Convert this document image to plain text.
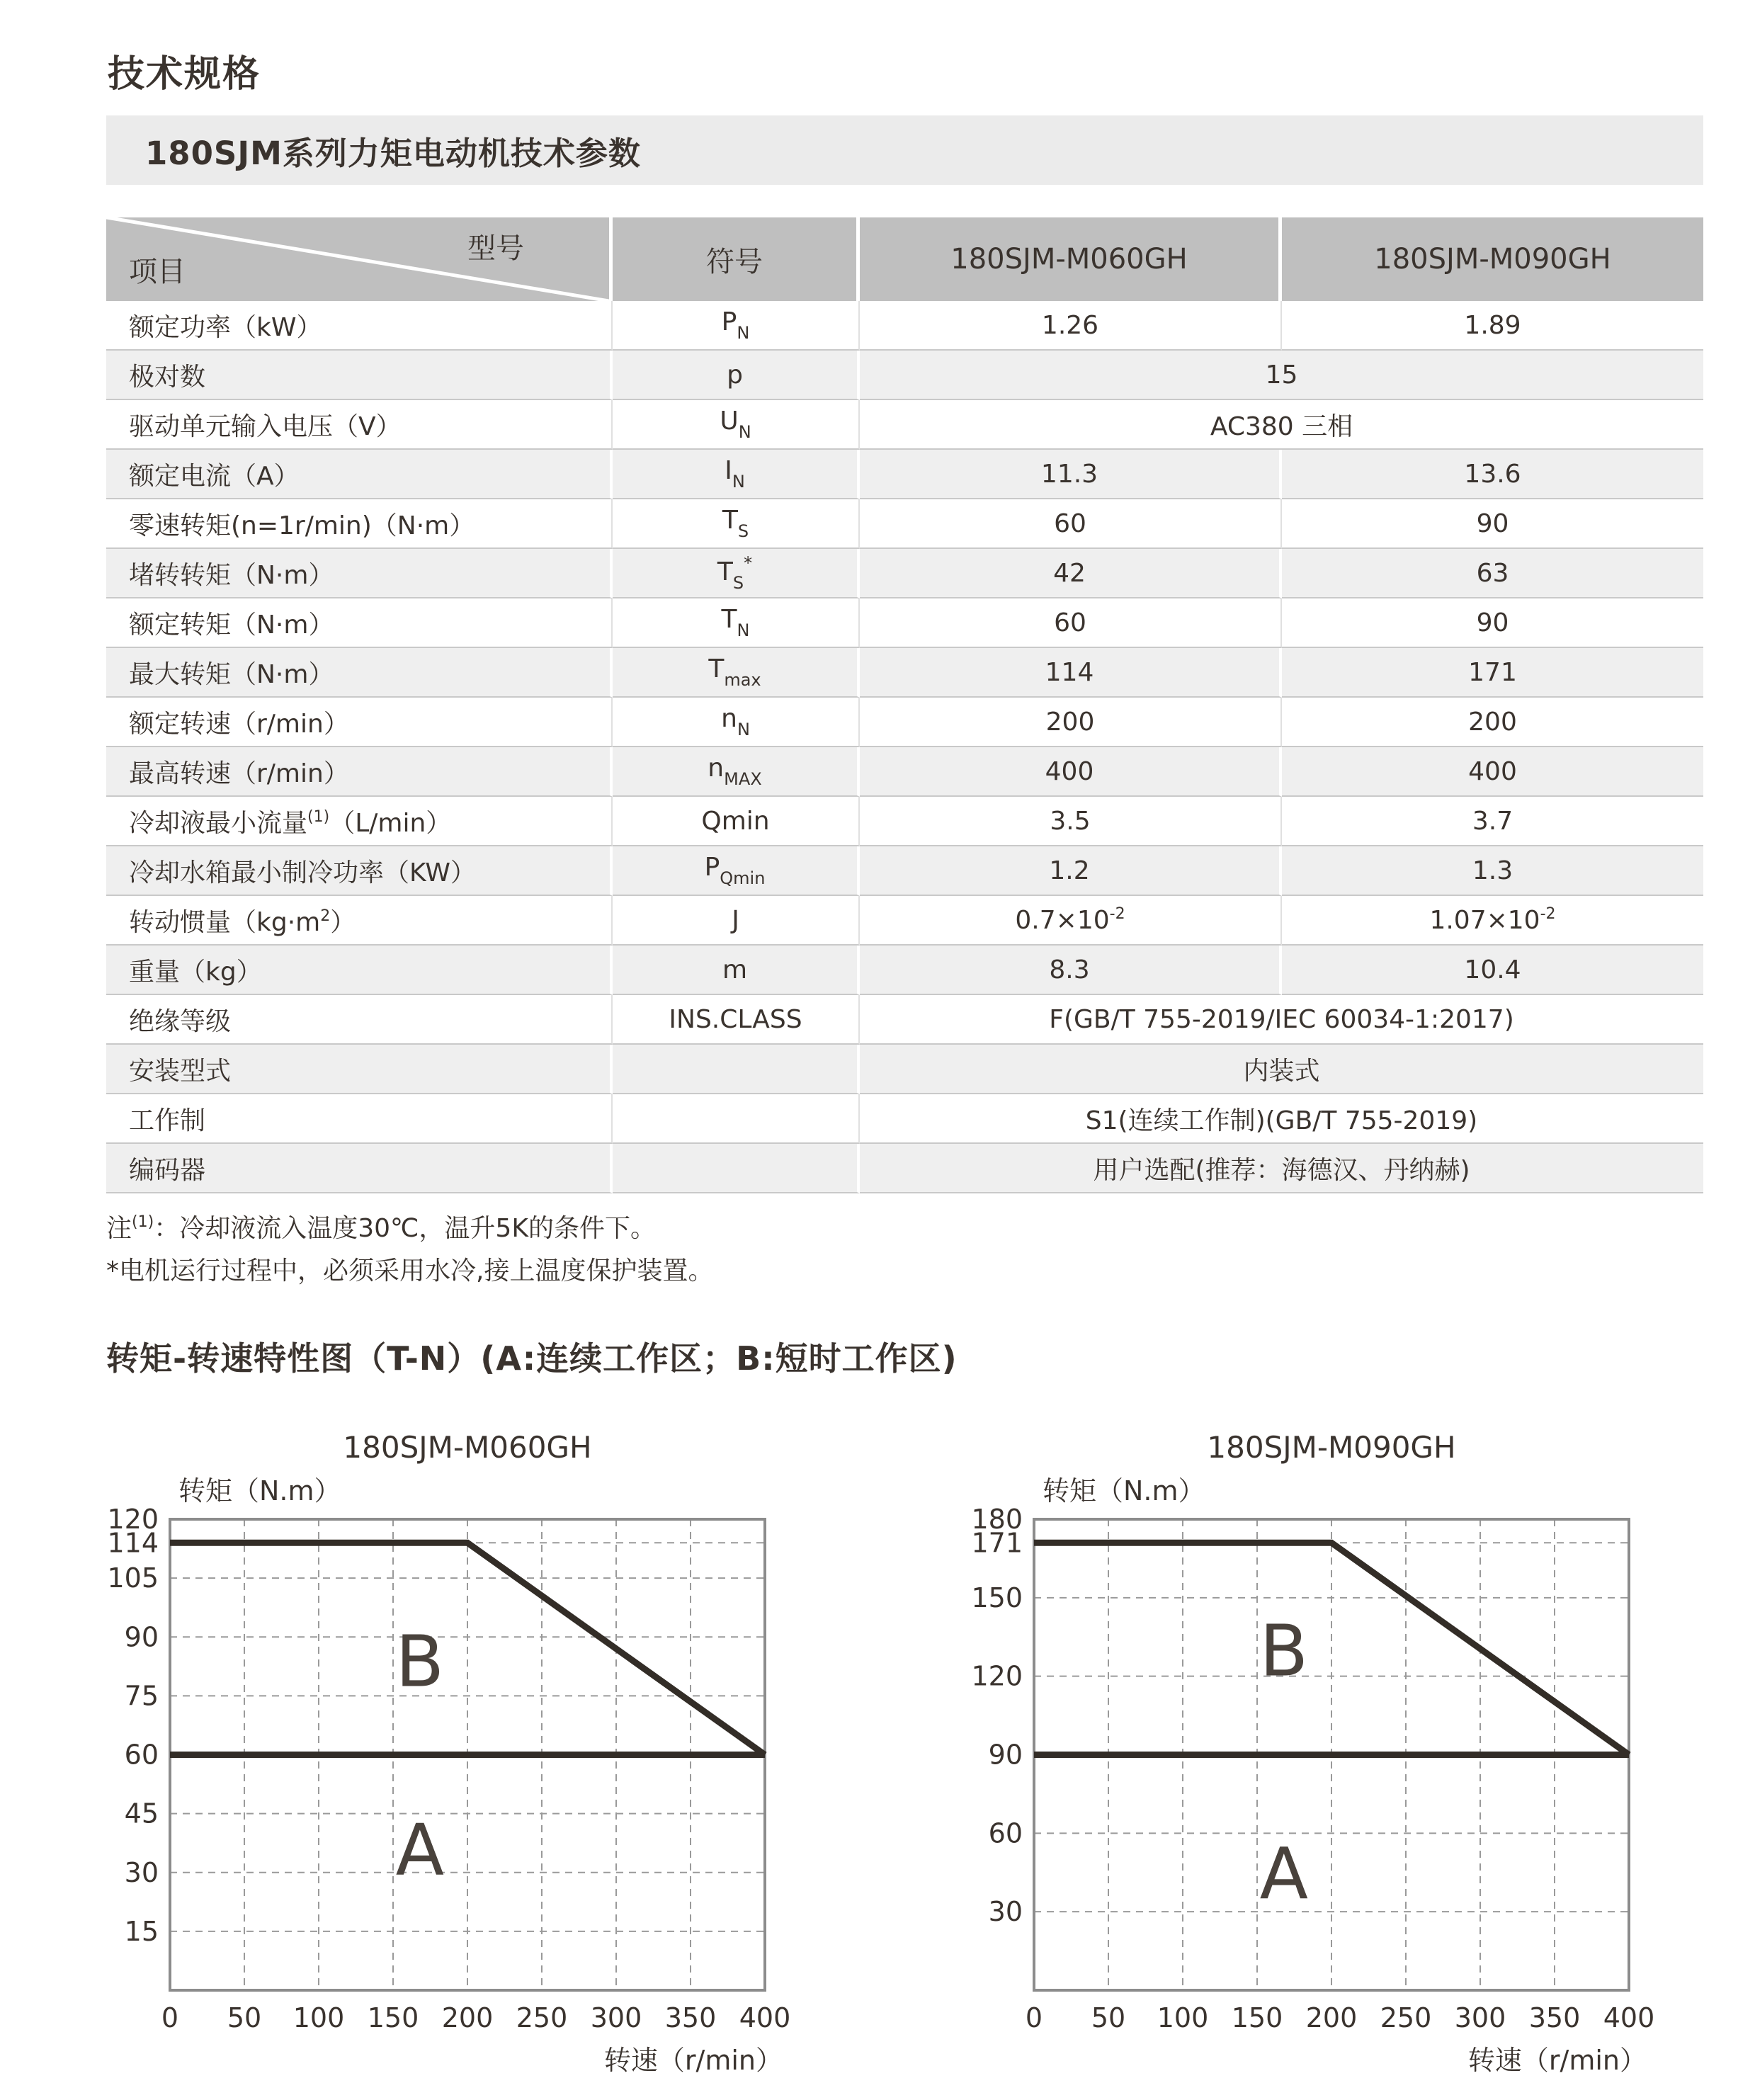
技术规格
180SJM系列力矩电动机技术参数
型号
项目	符号	180SJM-M060GH	180SJM-M090GH
额定功率（kW）	$P_N$	1.26	1.89
极对数	p	15	
驱动单元输入电压（V）	$U_N$	AC380 三相	
额定电流（A）	$I_N$	11.3	13.6
零速转矩(n=1r/min)（N·m）	$T_S$	60	90
堵转转矩（N·m）	$T_S^*$	42	63
额定转矩（N·m）	$T_N$	60	90
最大转矩（N·m）	$T_{max}$	114	171
额定转速（r/min）	$n_N$	200	200
最高转速（r/min）	$n_{MAX}$	400	400
冷却液最小流量$^{(1)}$（L/min）	Qmin	3.5	3.7
冷却水箱最小制冷功率（KW）	$P_{Qmin}$	1.2	1.3
转动惯量$(kg\cdot m^2)$	J	$0.7\times 10^{-2}$	$1.07\times 10^{-2}$
重量（kg）	m	8.3	10.4
绝缘等级	INS.CLASS	F(GB/T 755-2019/IEC 60034-1:2017)	
安装型式		内装式	
工作制		S1(连续工作制)(GB/T 755-2019)	
编码器		用户选配(推荐：海德汉、丹纳赫)	
注$^{(1)}$：冷却液流入温度30℃，温升5K的条件下。
*电机运行过程中，必须采用水冷,接上温度保护装置。
转矩-转速特性图（T-N）(A:连续工作区；B:短时工作区)
180SJM-M060GH
转矩（N.m）
转速（r/min）
B
A
15
30
45
60
75
90
105
114
120
0 50 100 150 200 250 300 350 400
180SJM-M090GH
转矩（N.m）
转速（r/min）
B
A
30
60
90
120
150
171
180
0 50 100 150 200 250 300 350 400
